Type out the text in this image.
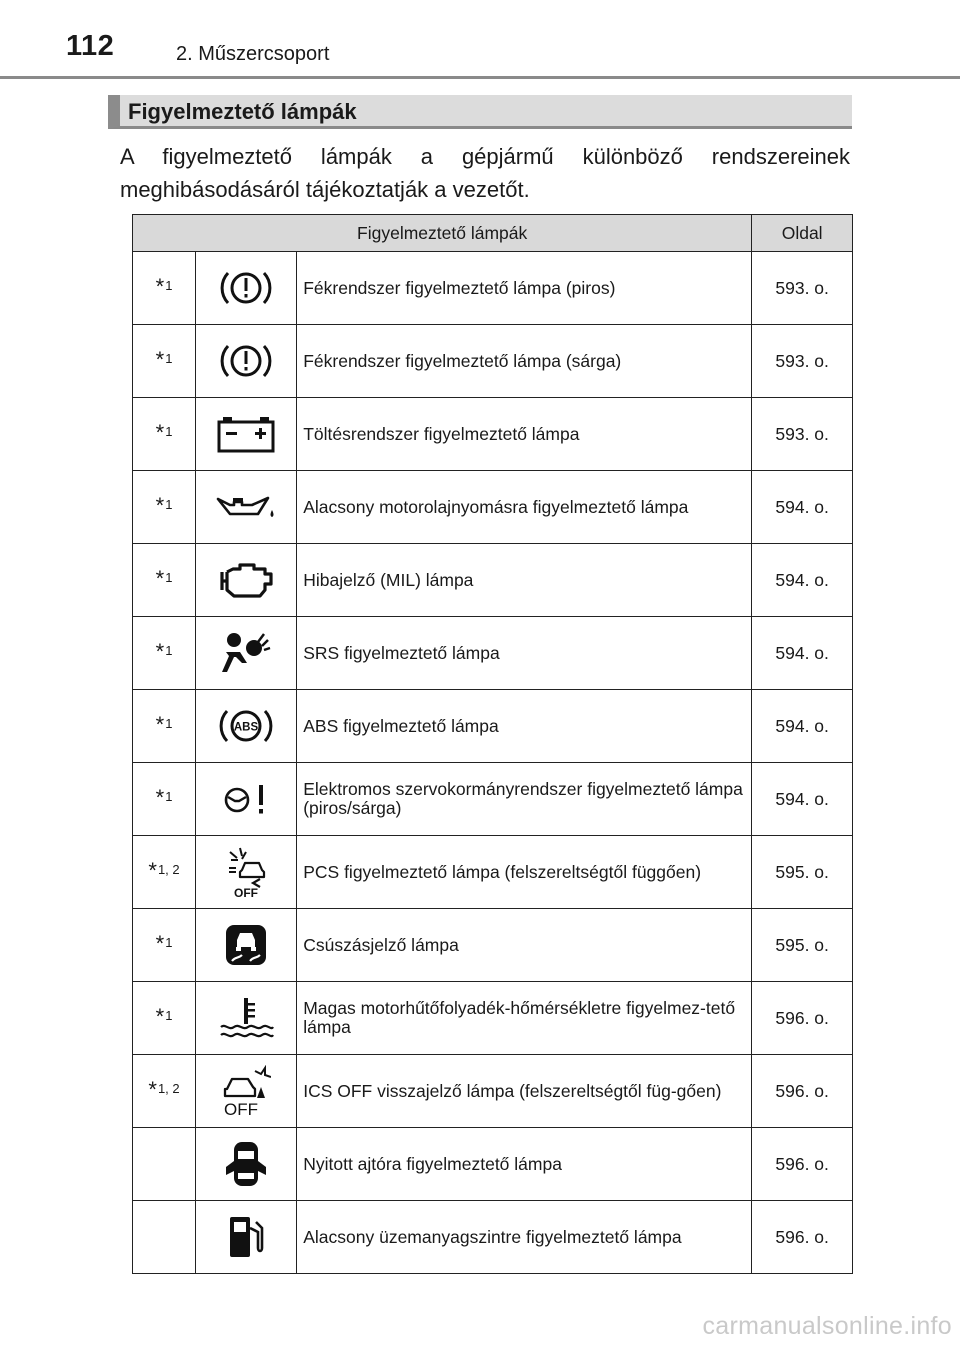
112	2. Műszercsoport
Figyelmeztető lámpák
A figyelmeztető lámpák a gépjármű különböző rendszereinek meghibásodásáról tájékoztatják a vezetőt.
Figyelmeztető lámpák			Oldal

*$^1$		Fékrendszer figyelmeztető lámpa (piros)	593. o.

*$^1$		Fékrendszer figyelmeztető lámpa (sárga)	593. o.

*$^1$		Töltésrendszer figyelmeztető lámpa	593. o.

*$^1$		Alacsony motorolajnyomásra figyelmeztető lámpa	594. o.

*$^1$		Hibajelző (MIL) lámpa	594. o.

*$^1$		SRS figyelmeztető lámpa	594. o.

*$^1$	ABS	ABS figyelmeztető lámpa	594. o.

*$^1$		Elektromos szervokormányrendszer figyelmeztető lámpa (piros/sárga)	594. o.

*$^{1, 2}$	OFF	PCS figyelmeztető lámpa (felszereltségtől függően)	595. o.

*$^1$		Csúszásjelző lámpa	595. o.

*$^1$		Magas motorhűtőfolyadék-hőmérsékletre figyelmez-tető lámpa	596. o.

*$^{1, 2}$	OFF	ICS OFF visszajelző lámpa (felszereltségtől füg-gően)	596. o.

	Nyitott ajtóra figyelmeztető lámpa	596. o.

	Alacsony üzemanyagszintre figyelmeztető lámpa	596. o.
carmanualsonline.info
